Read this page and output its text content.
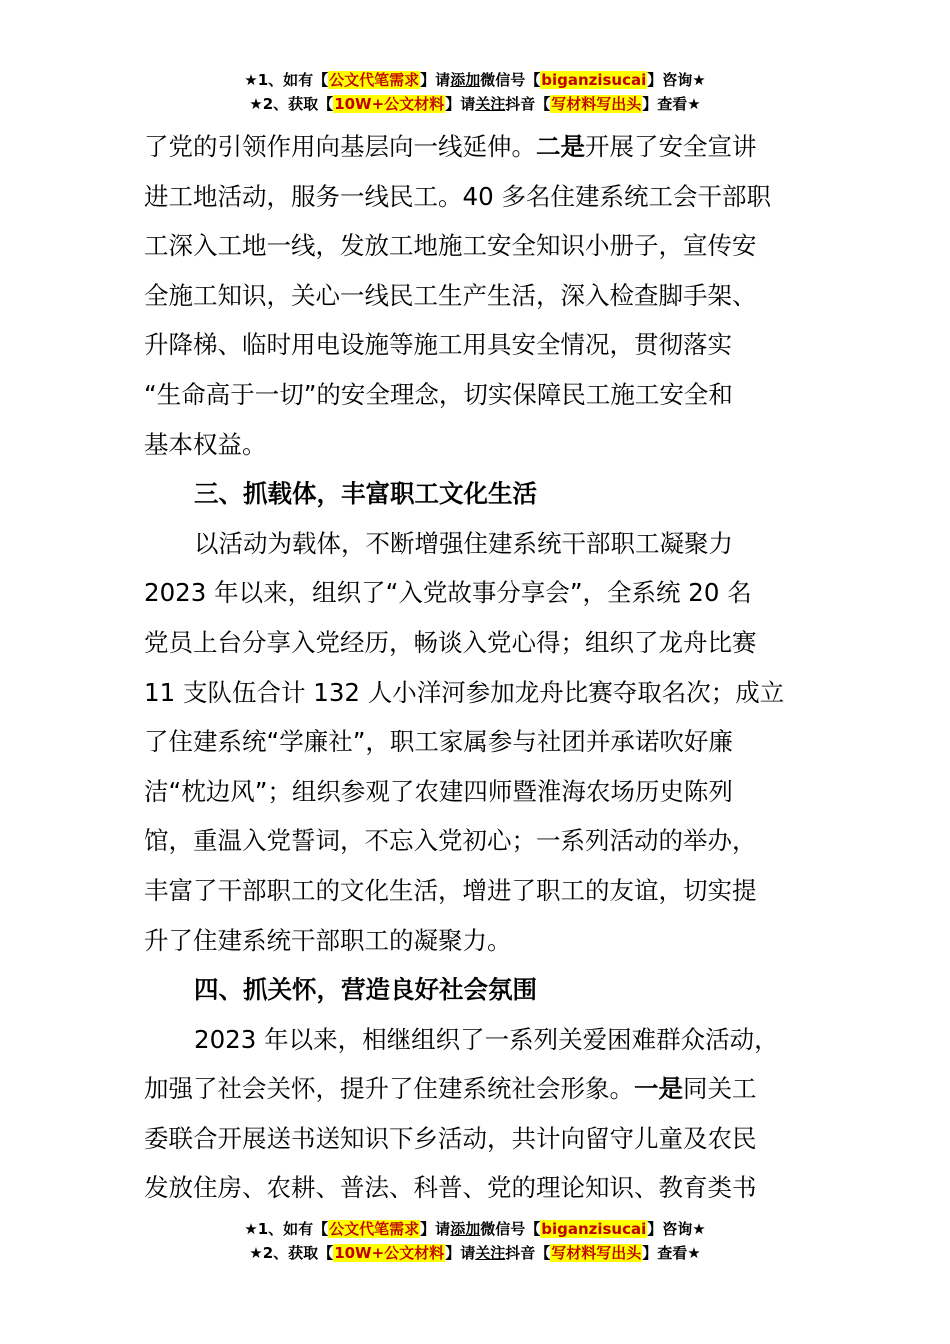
★1、如有【公文代笔需求】请添加微信号【biganzisucai】咨询★
★2、获取【10W+公文材料】请关注抖音【写材料写出头】查看★
了党的引领作用向基层向一线延伸。二是开展了安全宣讲
进工地活动，服务一线民工。40 多名住建系统工会干部职
工深入工地一线，发放工地施工安全知识小册子，宣传安
全施工知识，关心一线民工生产生活，深入检查脚手架、
升降梯、临时用电设施等施工用具安全情况，贯彻落实
“生命高于一切”的安全理念，切实保障民工施工安全和
基本权益。
三、抓载体，丰富职工文化生活
以活动为载体，不断增强住建系统干部职工凝聚力
2023 年以来，组织了“入党故事分享会”，全系统 20 名
党员上台分享入党经历，畅谈入党心得；组织了龙舟比赛
11 支队伍合计 132 人小洋河参加龙舟比赛夺取名次；成立
了住建系统“学廉社”，职工家属参与社团并承诺吹好廉
洁“枕边风”；组织参观了农建四师暨淮海农场历史陈列
馆，重温入党誓词，不忘入党初心；一系列活动的举办，
丰富了干部职工的文化生活，增进了职工的友谊，切实提
升了住建系统干部职工的凝聚力。
四、抓关怀，营造良好社会氛围
2023 年以来，相继组织了一系列关爱困难群众活动，
加强了社会关怀，提升了住建系统社会形象。一是同关工
委联合开展送书送知识下乡活动，共计向留守儿童及农民
发放住房、农耕、普法、科普、党的理论知识、教育类书
★1、如有【公文代笔需求】请添加微信号【biganzisucai】咨询★
★2、获取【10W+公文材料】请关注抖音【写材料写出头】查看★
